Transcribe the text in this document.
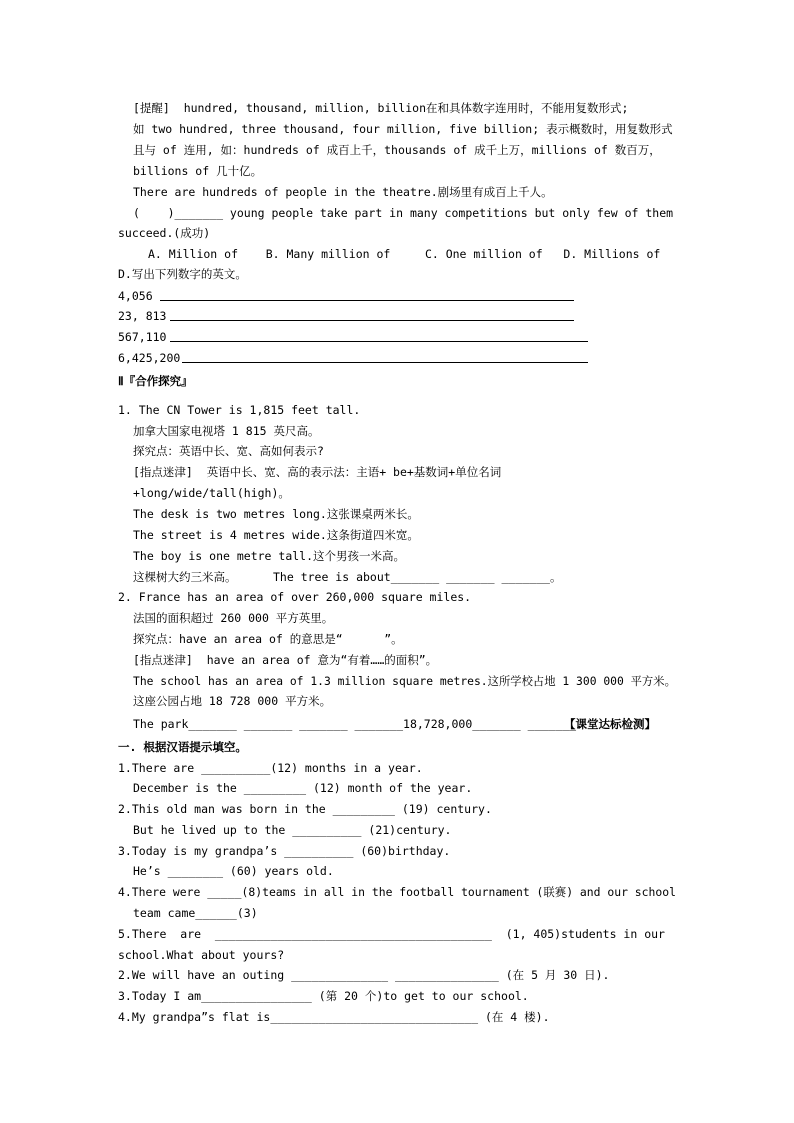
[提醒]  hundred, thousand, million, billion在和具体数字连用时，不能用复数形式;
如 two hundred, three thousand, four million, five billion; 表示概数时，用复数形式
且与 of 连用, 如：hundreds of 成百上千，thousands of 成千上万，millions of 数百万，
billions of 几十亿。
There are hundreds of people in the theatre.剧场里有成百上千人。
(    )_______ young people take part in many competitions but only few of them
succeed.(成功)
A. Million of    B. Many million of     C. One million of   D. Millions of
D.写出下列数字的英文。
4,056
23, 813
567,110
6,425,200
Ⅱ『合作探究』
1. The CN Tower is 1,815 feet tall.
加拿大国家电视塔 1 815 英尺高。
探究点：英语中长、宽、高如何表示?
[指点迷津]  英语中长、宽、高的表示法：主语+ be+基数词+单位名词
+long/wide/tall(high)。
The desk is two metres long.这张课桌两米长。
The street is 4 metres wide.这条街道四米宽。
The boy is one metre tall.这个男孩一米高。
这棵树大约三米高。	The tree is about_______ _______ _______。
2. France has an area of over 260,000 square miles.
法国的面积超过 260 000 平方英里。
探究点：have an area of 的意思是“      ”。
[指点迷津]  have an area of 意为“有着……的面积”。
The school has an area of 1.3 million square metres.这所学校占地 1 300 000 平方米。
这座公园占地 18 728 000 平方米。
The park_______ _______ _______ _______18,728,000_______ _______.
【课堂达标检测】
一. 根据汉语提示填空。
1.There are __________(12) months in a year.
December is the _________ (12) month of the year.
2.This old man was born in the _________ (19) century.
But he lived up to the __________ (21)century.
3.Today is my grandpa’s __________ (60)birthday.
He’s ________ (60) years old.
4.There were _____(8)teams in all in the football tournament (联赛) and our school
team came______(3)
5.There  are  ________________________________________  (1, 405)students in our
school.What about yours?
2.We will have an outing ______________ _______________ (在 5 月 30 日).
3.Today I am________________ (第 20 个)to get to our school.
4.My grandpa”s flat is______________________________ (在 4 楼).
